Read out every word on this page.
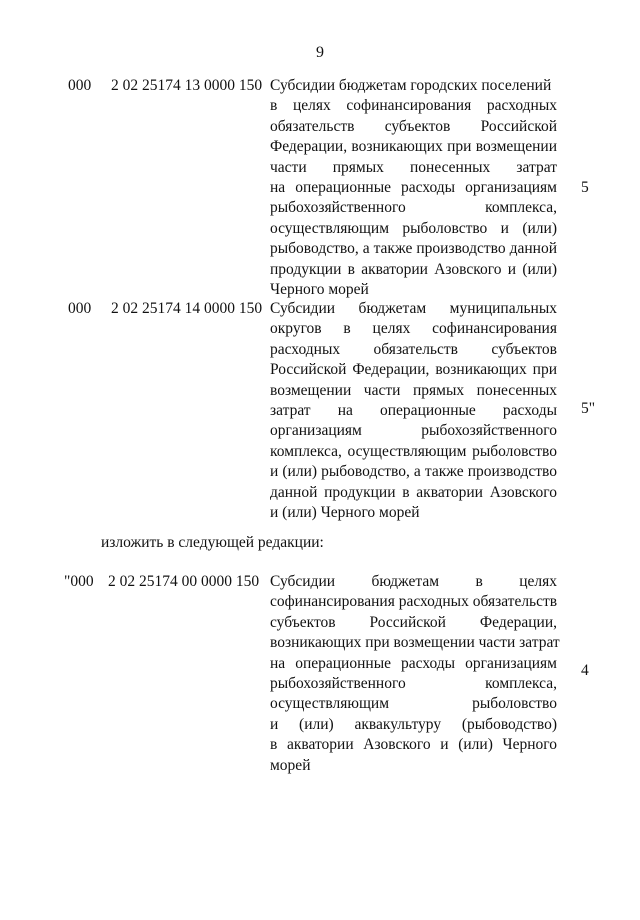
9
000 2 02 25174 13 0000 150 Субсидии бюджетам городских поселений
в целях софинансирования расходных
обязательств субъектов Российской
Федерации, возникающих при возмещении
части прямых понесенных затрат
на операционные расходы организациям
рыбохозяйственного комплекса,
осуществляющим рыболовство и (или)
рыбоводство, а также производство данной
продукции в акватории Азовского и (или)
Черного морей
5
000 2 02 25174 14 0000 150 Субсидии бюджетам муниципальных
округов в целях софинансирования
расходных обязательств субъектов
Российской Федерации, возникающих при
возмещении части прямых понесенных
затрат на операционные расходы
организациям рыбохозяйственного
комплекса, осуществляющим рыболовство
и (или) рыбоводство, а также производство
данной продукции в акватории Азовского
и (или) Черного морей
5"
изложить в следующей редакции:
"000 2 02 25174 00 0000 150 Субсидии бюджетам в целях
софинансирования расходных обязательств
субъектов Российской Федерации,
возникающих при возмещении части затрат
на операционные расходы организациям
рыбохозяйственного комплекса,
осуществляющим рыболовство
и (или) аквакультуру (рыбоводство)
в акватории Азовского и (или) Черного
морей
4
